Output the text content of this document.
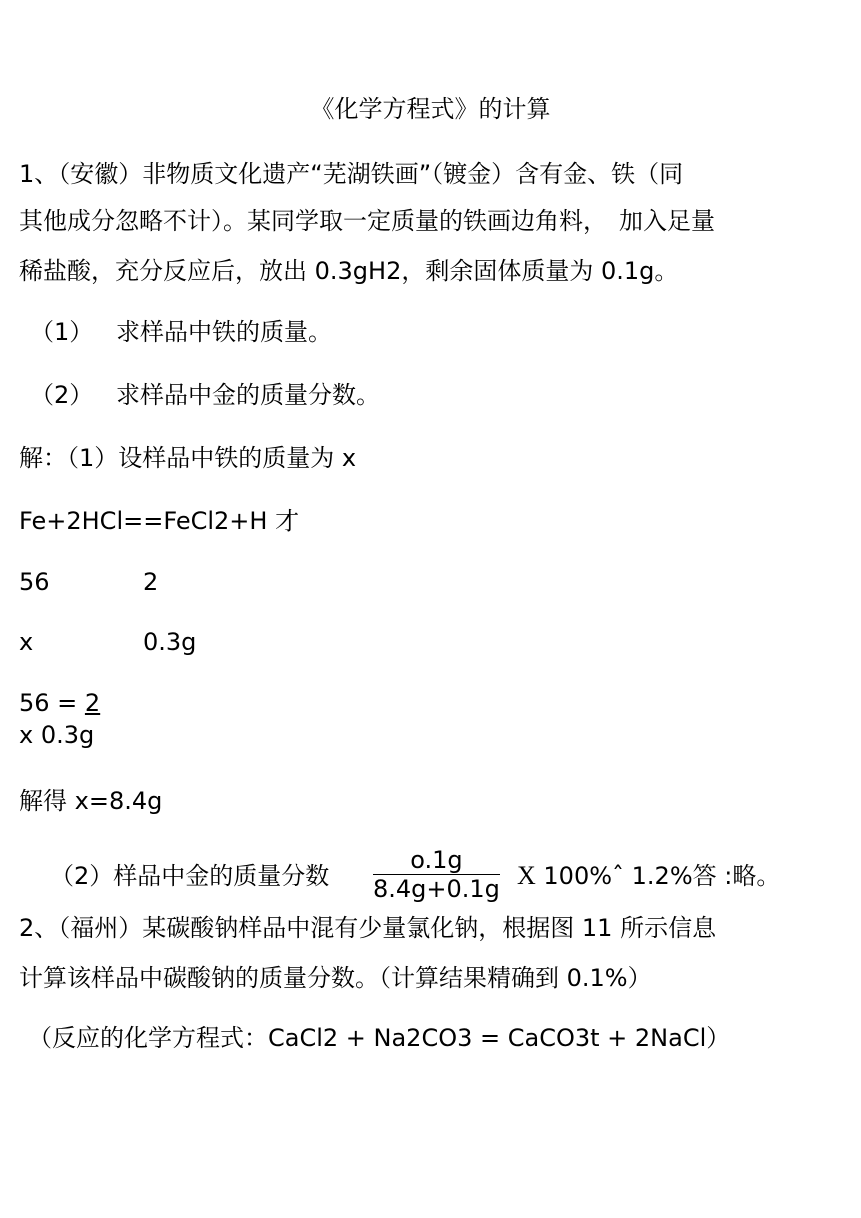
《化学方程式》的计算
1、（安徽）非物质文化遗产“芜湖铁画”（镀金）含有金、铁（同
其他成分忽略不计）。某同学取一定质量的铁画边角料，　加入足量
稀盐酸，充分反应后，放出 0.3gH2，剩余固体质量为 0.1g。
（1） 求样品中铁的质量。
（2） 求样品中金的质量分数。
解：（1）设样品中铁的质量为 x
Fe+2HCl==FeCl2+H 才
56	2
x	0.3g
56 = 2
x 0.3g
解得 x=8.4g
（2）样品中金的质量分数 $\frac{o.1g}{8.4g+0.1g}$ X 100%ˆ 1.2%答 :略。
2、（福州）某碳酸钠样品中混有少量氯化钠，根据图 11 所示信息
计算该样品中碳酸钠的质量分数。（计算结果精确到 0.1%）
（反应的化学方程式：CaCl2 + Na2CO3 = CaCO3t + 2NaCl）
